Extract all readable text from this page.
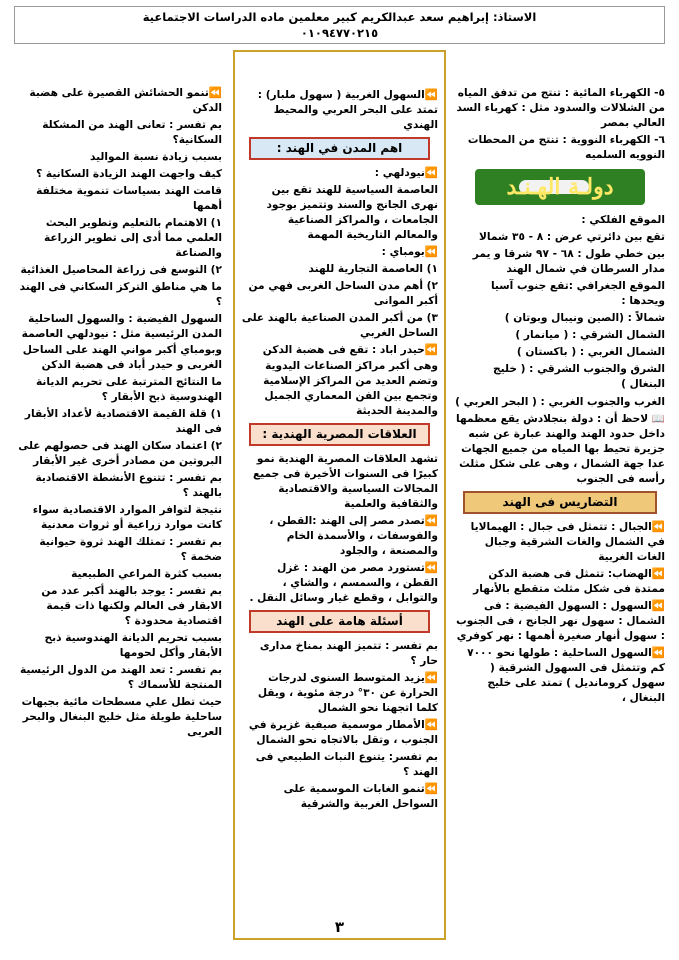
الاستاذ: إبراهيم سعد عبدالكريم كبير معلمين ماده الدراسات الاجتماعية
٠١٠٩٤٧٧٠٢١٥

٥- الكهرباء المائية : تنتج من تدفق المياه من الشلالات والسدود مثل : كهرباء السد العالي بمصر

٦- الكهرباء النووية : تنتج من المحطات النوويه السلميه

دولـة الهـنـد

الموقع الفلكي :

تقع بين دائرتي عرض : ٨ - ٣٥ شمالا

بين خطي طول : ٦٨ - ٩٧ شرقا و يمر مدار السرطان في شمال الهند

الموقع الجغرافي :تقع جنوب آسيا ويحدها :

شمالاً : (الصين ونيبال وبوتان )

الشمال الشرقي : ( ميانمار )

الشمال الغربي : ( باكستان )

الشرق والجنوب الشرقي : ( خليج البنغال )

الغرب والجنوب الغربي : ( البحر العربي )

📖 لاحظ أن : دولة بنجلادش يقع معظمها داخل حدود الهند والهند عبارة عن شبه جزيرة تحيط بها المياه من جميع الجهات عدا جهة الشمال ، وهى على شكل مثلث رأسه فى الجنوب

التضاريس فى الهند

⏪الجبال : تتمثل فى جبال : الهيمالايا في الشمال والغات الشرقية وجبال الغات الغربية

⏪الهضاب: تتمثل فى هضبة الدكن ممتدة فى شكل مثلث متقطع بالأنهار

⏪السهول : السهول الفيضية : فى الشمال : سهول نهر الجانج ، فى الجنوب : سهول أنهار صغيرة أهمها : نهر كوفري

⏪السهول الساحلية : طولها نحو ٧٠٠٠ كم وتتمثل فى السهول الشرقية ( سهول كرومانديل ) تمتد على خليج البنغال ،

⏪السهول الغربية ( سهول ملبار) : تمتد على البحر العربي والمحيط الهندي

اهم المدن في الهند :

⏪نيودلهي :

العاصمة السياسية للهند تقع بين نهرى الجانج والسند وتتميز بوجود الجامعات ، والمراكز الصناعية والمعالم التاريخية المهمة

⏪بومباي :

١) العاصمة التجارية للهند

٢) أهم مدن الساحل الغربى فهي من أكبر الموانى

٣) من أكبر المدن الصناعية بالهند على الساحل الغربي

⏪حيدر اباد : تقع فى هضبة الدكن وهى أكبر مراكز الصناعات اليدوية وتضم العديد من المراكز الإسلامية وتجمع بين الفن المعماري الجميل والمدينة الحديثة

العلاقات المصرية الهندية :

تشهد العلاقات المصرية الهندية نمو كبيرًا فى السنوات الأخيرة فى جميع المجالات السياسية والاقتصادية والثقافية والعلمية

⏪تصدر مصر إلى الهند :القطن ، والفوسفات ، والأسمدة الخام والمصنعة ، والجلود

⏪تستورد مصر من الهند : غزل القطن ، والسمسم ، والشاي ، والتوابل ، وقطع غيار وسائل النقل .

أسئلة هامة على الهند

بم تفسر : تتميز الهند بمناخ مدارى حار ؟

⏪يزيد المتوسط السنوى لدرجات الحرارة عن ٣٠° درجة مئوية ، ويقل كلما اتجهنا نحو الشمال

⏪الأمطار موسمية صيفية غزيرة في الجنوب ، وتقل بالاتجاه نحو الشمال

بم تفسر: يتنوع النبات الطبيعي فى الهند ؟

⏪تنمو الغابات الموسمية على السواحل الغربية والشرقية

⏪تنمو الحشائش القصيرة على هضبة الدكن

بم تفسر : تعانى الهند من المشكلة السكانية؟

بسبب زيادة نسبة المواليد

كيف واجهت الهند الزيادة السكانية ؟

قامت الهند بسياسات تنموية مختلفة أهمها

١) الاهتمام بالتعليم وتطوير البحث العلمي مما أدى إلى تطوير الزراعة والصناعة

٢) التوسع فى زراعة المحاصيل الغذائية

ما هي مناطق التركز السكاني فى الهند ؟

السهول الفيضية : والسهول الساحلية المدن الرئيسية مثل : نيودلهي العاصمة وبومباي أكبر مواني الهند على الساحل الغربى و حيدر أباد فى هضبة الدكن

ما النتائج المترتبة على تحريم الديانة الهندوسية ذبح الأبقار ؟

١) قلة القيمة الاقتصادية لأعداد الأبقار فى الهند

٢) اعتماد سكان الهند فى حصولهم على البروتين من مصادر أخرى غير الأبقار

بم تفسر : تتنوع الأنشطة الاقتصادية بالهند ؟

نتيجة لتوافر الموارد الاقتصادية سواء كانت موارد زراعية أو ثروات معدنية

بم تفسر : تمتلك الهند ثروة حيوانية ضخمة ؟

بسبب كثرة المراعي الطبيعية

بم تفسر : يوجد بالهند أكبر عدد من الابقار فى العالم ولكنها ذات قيمة اقتصادية محدودة ؟

بسبب تحريم الديانة الهندوسية ذبح الأبقار وأكل لحومها

بم تفسر : تعد الهند من الدول الرئيسية المنتجة للأسماك ؟

حيث تطل علي مسطحات مائية بجبهات ساحلية طويلة مثل خليج البنغال والبحر العربى

٣
